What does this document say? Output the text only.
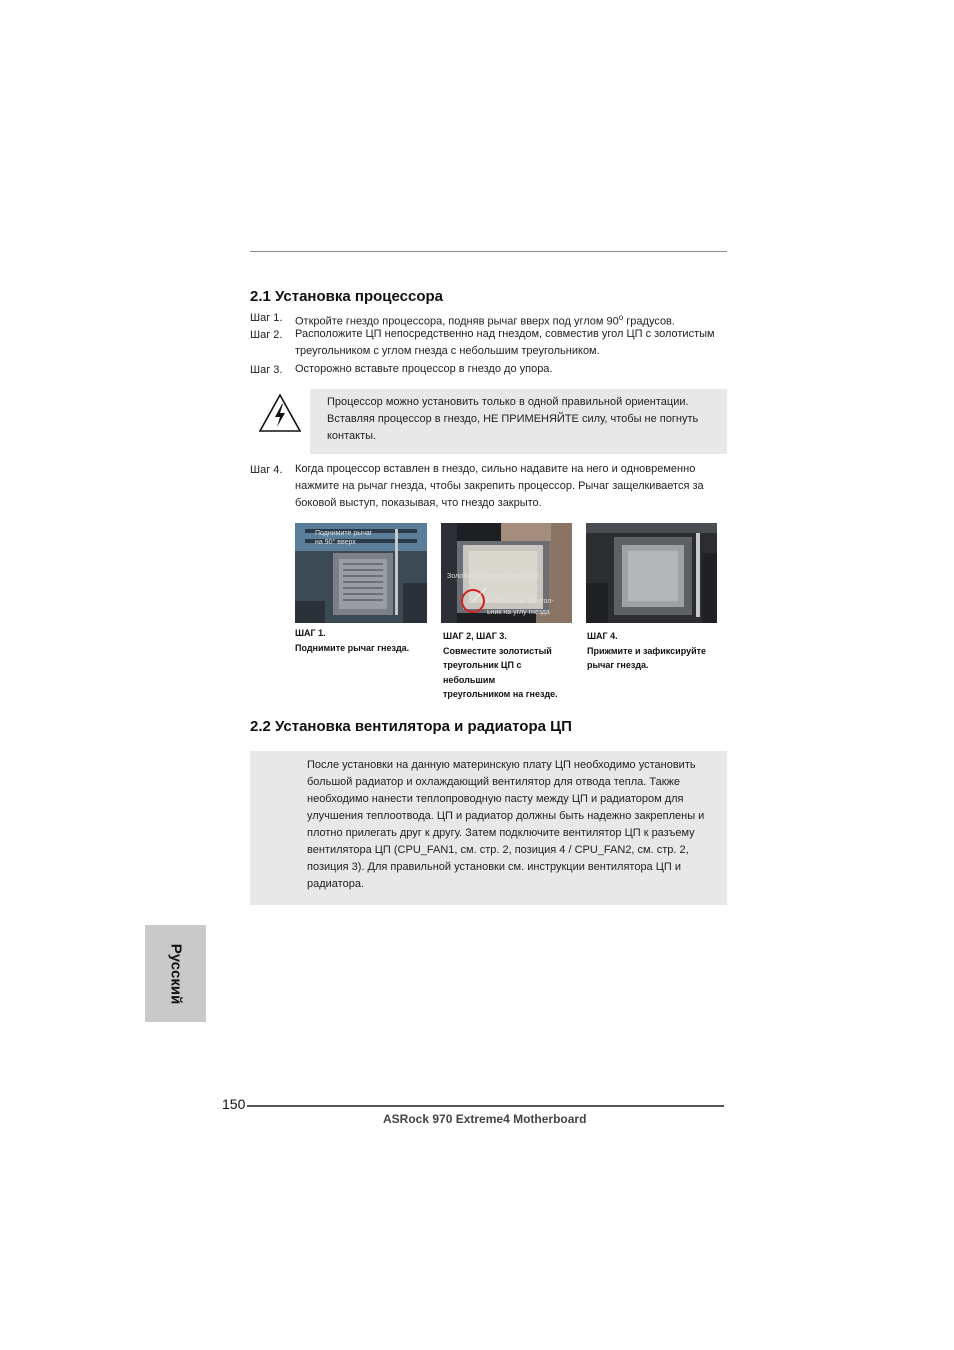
2.1 Установка процессора
Шаг 1. Откройте гнездо процессора, подняв рычаг вверх под углом 90$^o$ градусов.
Шаг 2. Расположите ЦП непосредственно над гнездом, совместив угол ЦП с золотистым
треугольником с углом гнезда с небольшим треугольником.
Шаг 3. Осторожно вставьте процессор в гнездо до упора.
Процессор можно установить только в одной правильной ориентации.
Вставляя процессор в гнездо, НЕ ПРИМЕНЯЙТЕ силу, чтобы не погнуть
контакты.
Шаг 4. Когда процессор вставлен в гнездо, сильно надавите на него и одновременно
нажмите на рычаг гнезда, чтобы закрепить процессор. Рычаг защелкивается за
боковой выступ, показывая, что гнездо закрыто.
Поднимите рычаг
на 90° вверх
ШАГ 1.
Поднимите рычаг гнезда.
Золотистый треугольник ЦП
Небольшой треугол-
ьник на углу гнезда
ШАГ 2, ШАГ 3.
Совместите золотистый
треугольник ЦП с
небольшим
треугольником на гнезде.
ШАГ 4.
Прижмите и зафиксируйте
рычаг гнезда.
2.2 Установка вентилятора и радиатора ЦП
После установки на данную материнскую плату ЦП необходимо установить
большой радиатор и охлаждающий вентилятор для отвода тепла. Также
необходимо нанести теплопроводную пасту между ЦП и радиатором для
улучшения теплоотвода. ЦП и радиатор должны быть надежно закреплены и
плотно прилегать друг к другу. Затем подключите вентилятор ЦП к разъему
вентилятора ЦП (CPU_FAN1, см. стр. 2, позиция 4 / CPU_FAN2, см. стр. 2,
позиция 3). Для правильной установки см. инструкции вентилятора ЦП и
радиатора.
Русский
150
ASRock 970 Extreme4 Motherboard
